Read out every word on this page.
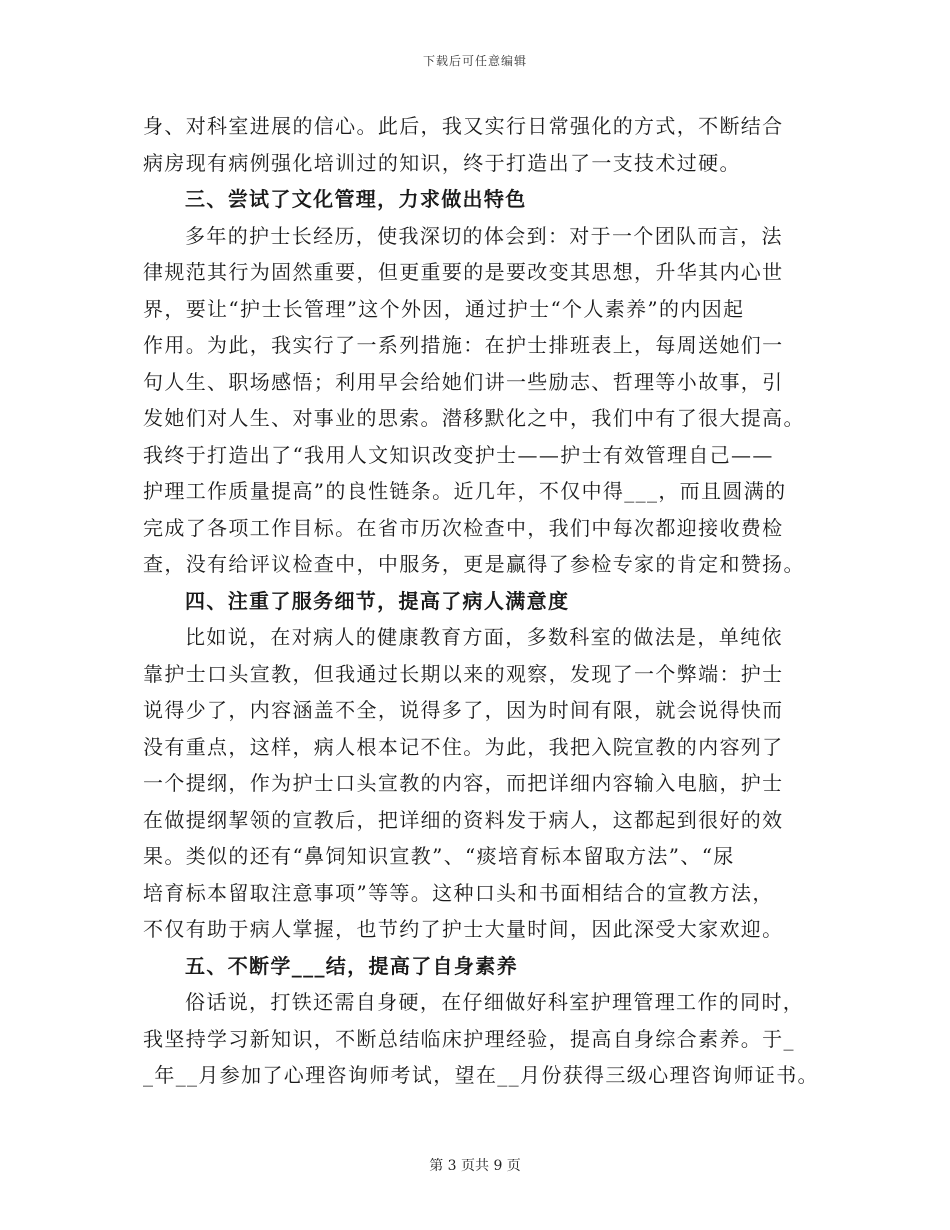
下载后可任意编辑
身、对科室进展的信心。此后，我又实行日常强化的方式，不断结合
病房现有病例强化培训过的知识，终于打造出了一支技术过硬。
三、尝试了文化管理，力求做出特色
多年的护士长经历，使我深切的体会到：对于一个团队而言，法
律规范其行为固然重要，但更重要的是要改变其思想，升华其内心世
界，要让“护士长管理”这个外因，通过护士“个人素养”的内因起
作用。为此，我实行了一系列措施：在护士排班表上，每周送她们一
句人生、职场感悟；利用早会给她们讲一些励志、哲理等小故事，引
发她们对人生、对事业的思索。潜移默化之中，我们中有了很大提高。
我终于打造出了“我用人文知识改变护士——护士有效管理自己——
护理工作质量提高”的良性链条。近几年，不仅中得___，而且圆满的
完成了各项工作目标。在省市历次检查中，我们中每次都迎接收费检
查，没有给评议检查中，中服务，更是赢得了参检专家的肯定和赞扬。
四、注重了服务细节，提高了病人满意度
比如说，在对病人的健康教育方面，多数科室的做法是，单纯依
靠护士口头宣教，但我通过长期以来的观察，发现了一个弊端：护士
说得少了，内容涵盖不全，说得多了，因为时间有限，就会说得快而
没有重点，这样，病人根本记不住。为此，我把入院宣教的内容列了
一个提纲，作为护士口头宣教的内容，而把详细内容输入电脑，护士
在做提纲挈领的宣教后，把详细的资料发于病人，这都起到很好的效
果。类似的还有“鼻饲知识宣教”、“痰培育标本留取方法”、“尿
培育标本留取注意事项”等等。这种口头和书面相结合的宣教方法，
不仅有助于病人掌握，也节约了护士大量时间，因此深受大家欢迎。
五、不断学___结，提高了自身素养
俗话说，打铁还需自身硬，在仔细做好科室护理管理工作的同时，
我坚持学习新知识，不断总结临床护理经验，提高自身综合素养。于_
_年__月参加了心理咨询师考试，望在__月份获得三级心理咨询师证书。
第 3 页共 9 页
